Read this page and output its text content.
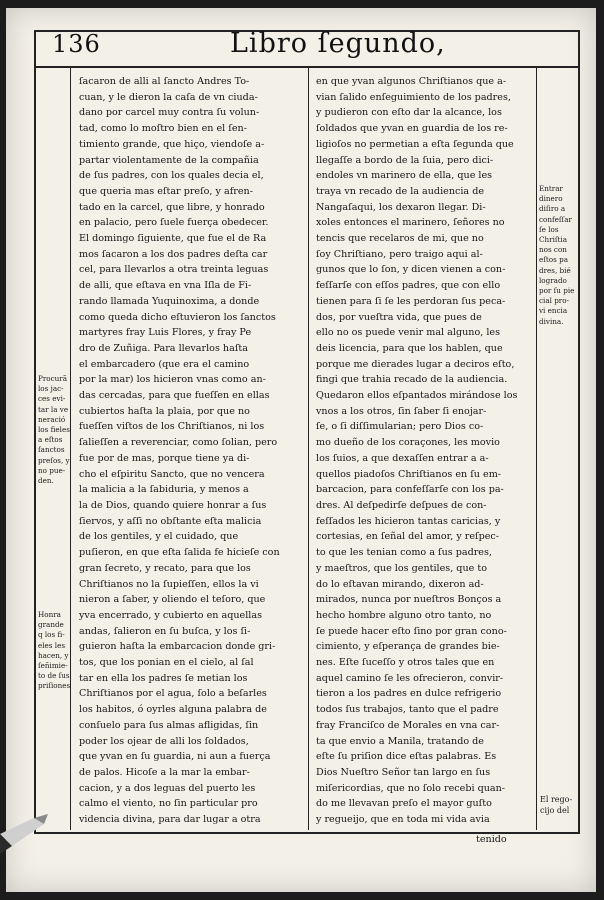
136	Libro ſegundo,

ſacaron de alli al ſancto Andres To-

cuan, y le dieron la caſa de vn ciuda-

dano por carcel muy contra ſu volun-

tad, como lo moſtro bien en el ſen-

timiento grande, que hiço, viendoſe a-

partar violentamente de la compañia

de ſus padres, con los quales decia el,

que queria mas eſtar preſo, y afren-

tado en la carcel, que libre, y honrado

en palacio, pero ſuele fuerça obedecer.

El domingo ſiguiente, que fue el de Ra

mos ſacaron a los dos padres deſta car

cel, para llevarlos a otra treinta leguas

de alli, que eſtava en vna Iſla de Fi-

rando llamada Yuquinoxima, a donde

como queda dicho eſtuvieron los ſanctos

martyres fray Luis Flores, y fray Pe

dro de Zuñiga. Para llevarlos haſta

el embarcadero (que era el camino

por la mar) los hicieron vnas como an-

das cercadas, para que fueſſen en ellas

cubiertos haſta la plaia, por que no

fueſſen viſtos de los Chriſtianos, ni los

ſalieſſen a reverenciar, como ſolian, pero

fue por de mas, porque tiene ya di-

cho el eſpiritu Sancto, que no vencera

la malicia a la ſabiduria, y menos a

la de Dios, quando quiere honrar a ſus

ſiervos, y aſſi no obſtante eſta malicia

de los gentiles, y el cuidado, que

puſieron, en que eſta ſalida fe hicieſe con

gran ſecreto, y recato, para que los

Chriſtianos no la ſupieſſen, ellos la vi

nieron a ſaber, y oliendo el teſoro, que

yva encerrado, y cubierto en aquellas

andas, ſalieron en ſu buſca, y los ſi-

guieron haſta la embarcacion donde gri-

tos, que los ponian en el cielo, al ſal

tar en ella los padres ſe metian los

Chriſtianos por el agua, ſolo a beſarles

los habitos, ó oyrles alguna palabra de

conſuelo para ſus almas afligidas, ſin

poder los ojear de alli los ſoldados,

que yvan en ſu guardia, ni aun a fuerça

de palos. Hicoſe a la mar la embar-

cacion, y a dos leguas del puerto les

calmo el viento, no ſin particular pro

videncia divina, para dar lugar a otra

en que yvan algunos Chriſtianos que a-

vian ſalido enſeguimiento de los padres,

y pudieron con eſto dar la alcance, los

ſoldados que yvan en guardia de los re-

ligioſos no permetian a eſta ſegunda que

llegaſſe a bordo de la ſuia, pero dici-

endoles vn marinero de ella, que les

traya vn recado de la audiencia de

Nangaſaqui, los dexaron llegar. Di-

xoles entonces el marinero, ſeñores no

tencis que recelaros de mi, que no

ſoy Chriſtiano, pero traigo aqui al-

gunos que lo ſon, y dicen vienen a con-

feſſarſe con eſſos padres, que con ello

tienen para ſi ſe les perdoran ſus peca-

dos, por vueſtra vida, que pues de

ello no os puede venir mal alguno, les

deis licencia, para que los hablen, que

porque me dierades lugar a deciros eſto,

fingi que trahia recado de la audiencia.

Quedaron ellos eſpantados mirándose los

vnos a los otros, ſin ſaber ſi enojar-

ſe, o ſi diſſimularian; pero Dios co-

mo dueño de los coraçones, les movio

los ſuios, a que dexaſſen entrar a a-

quellos piadoſos Chriſtianos en ſu em-

barcacion, para confeſſarſe con los pa-

dres. Al deſpedirſe deſpues de con-

feſſados les hicieron tantas caricias, y

cortesias, en ſeñal del amor, y reſpec-

to que les tenian como a ſus padres,

y maeſtros, que los gentiles, que to

do lo eſtavan mirando, dixeron ad-

mirados, nunca por nueſtros Bonços a

hecho hombre alguno otro tanto, no

ſe puede hacer eſto ſino por gran cono-

cimiento, y eſperança de grandes bie-

nes. Eſte ſuceſſo y otros tales que en

aquel camino ſe les ofrecieron, convir-

tieron a los padres en dulce refrigerio

todos ſus trabajos, tanto que el padre

fray Franciſco de Morales en vna car-

ta que envio a Manila, tratando de

eſte ſu priſion dice eſtas palabras. Es

Dios Nueſtro Señor tan largo en ſus

miſericordias, que no ſolo recebi quan-

do me llevavan preſo el mayor guſto

y regueijo, que en toda mi vida avia

Procurã
los jac-
ces evi-
tar la ve
neració
los fieles
a eſtos
ſanctos
preſos, y
no pue-
den.
Honra
grande
q los fi-
eles les
hacen, y
ſeñimie-
to de ſus
priſiones
Entrar
dinero
diſiro a
confeſſar
ſe los
Chriſtia
nos con
eſtos pa
dres, bié
logrado
por ſu pie
cial pro-
vi encia
divina.
El rego-
cijo del
tenido
